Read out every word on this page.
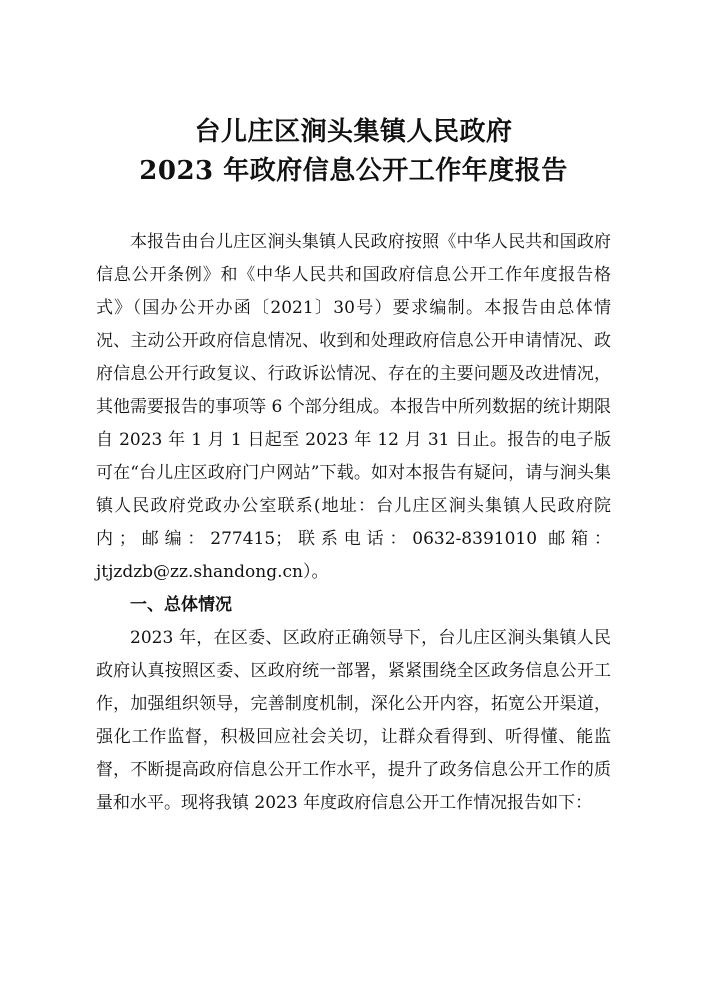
台儿庄区涧头集镇人民政府
2023 年政府信息公开工作年度报告

本报告由台儿庄区涧头集镇人民政府按照《中华人民共和国政府信息公开条例》和《中华人民共和国政府信息公开工作年度报告格式》（国办公开办函〔2021〕30号）要求编制。本报告由总体情况、主动公开政府信息情况、收到和处理政府信息公开申请情况、政府信息公开行政复议、行政诉讼情况、存在的主要问题及改进情况，其他需要报告的事项等 6 个部分组成。本报告中所列数据的统计期限自 2023 年 1 月 1 日起至 2023 年 12 月 31 日止。报告的电子版可在“台儿庄区政府门户网站”下载。如对本报告有疑问，请与涧头集镇人民政府党政办公室联系(地址：台儿庄区涧头集镇人民政府院内；邮编：277415；联系电话：0632-8391010 邮箱：jtjzdzb@zz.shandong.cn）。

一、总体情况

2023 年，在区委、区政府正确领导下，台儿庄区涧头集镇人民政府认真按照区委、区政府统一部署，紧紧围绕全区政务信息公开工作，加强组织领导，完善制度机制，深化公开内容，拓宽公开渠道，强化工作监督，积极回应社会关切，让群众看得到、听得懂、能监督，不断提高政府信息公开工作水平，提升了政务信息公开工作的质量和水平。现将我镇 2023 年度政府信息公开工作情况报告如下：
